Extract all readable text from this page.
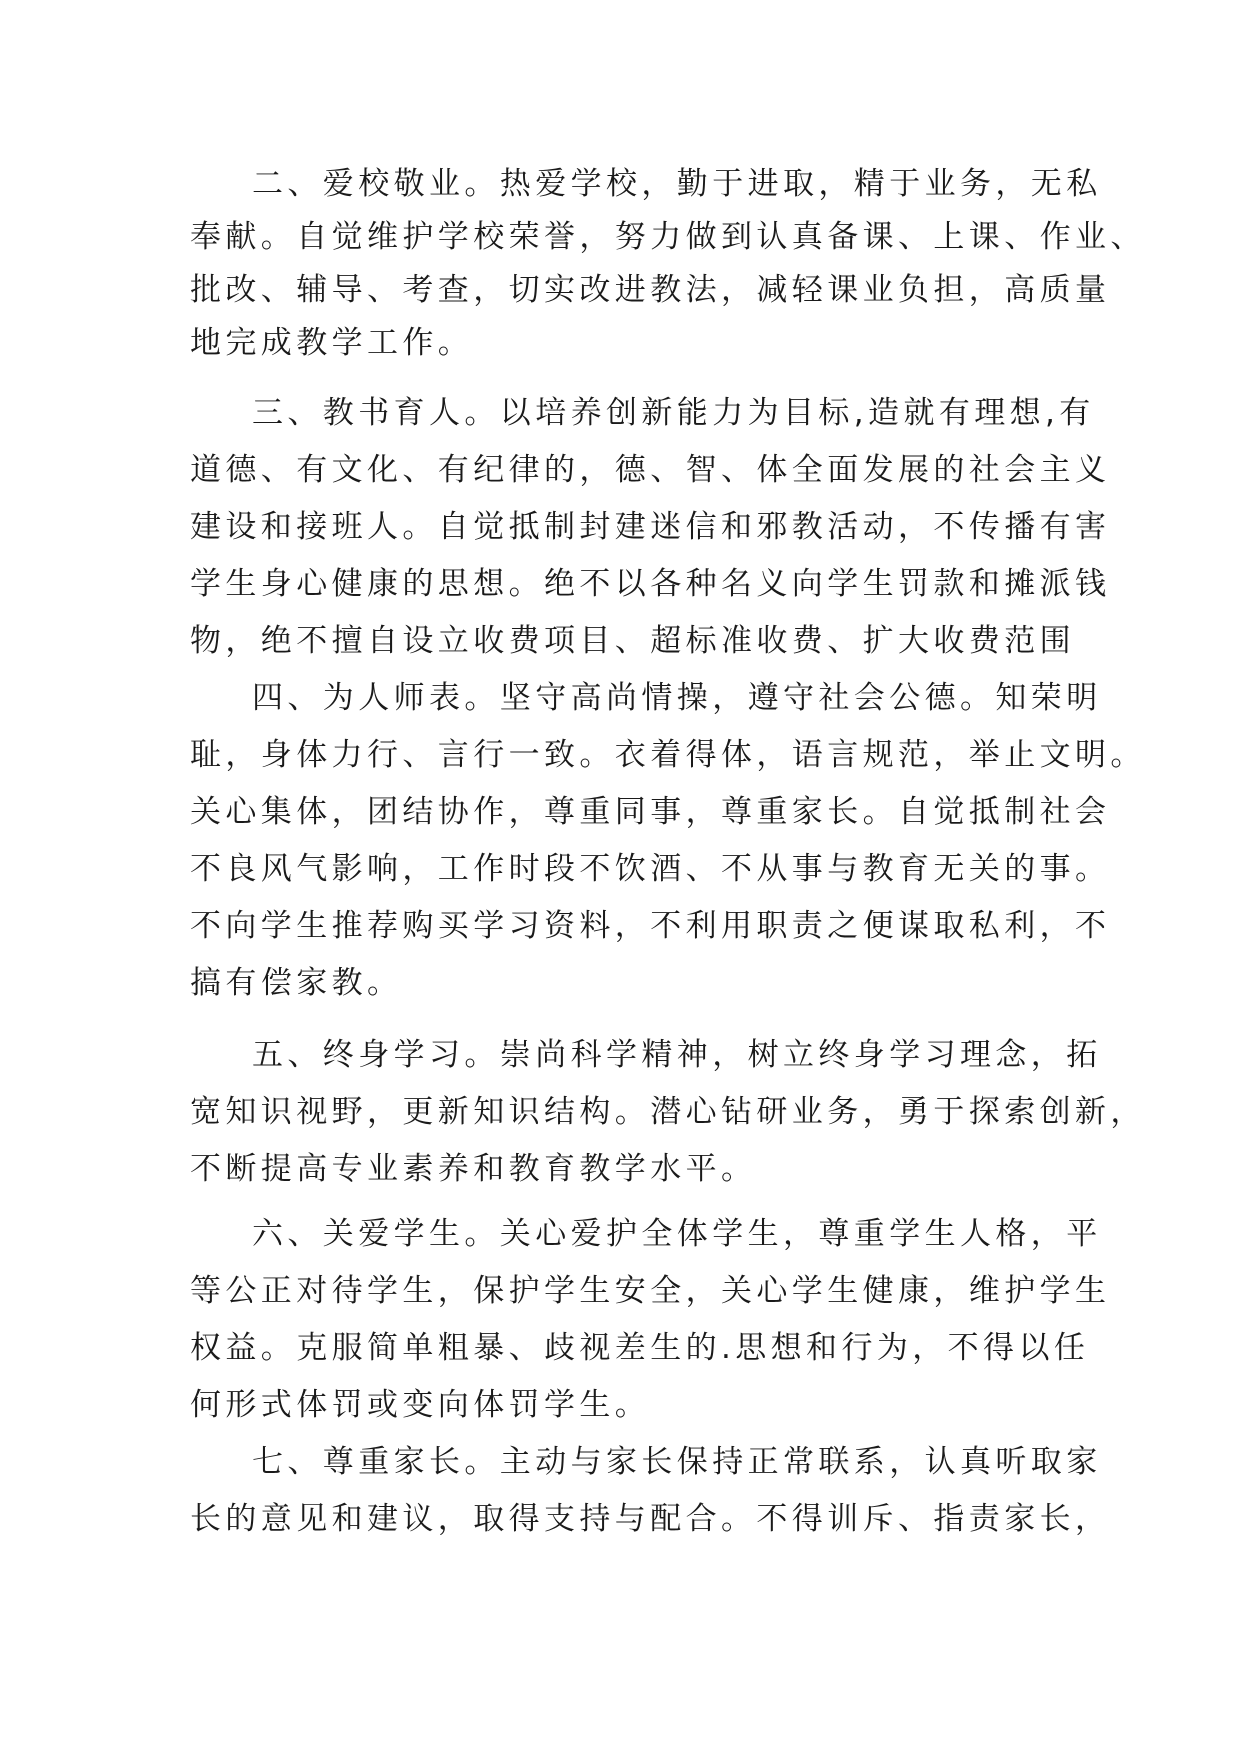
二、爱校敬业。热爱学校，勤于进取，精于业务，无私
奉献。自觉维护学校荣誉，努力做到认真备课、上课、作业、
批改、辅导、考查，切实改进教法，减轻课业负担，高质量
地完成教学工作。
三、教书育人。以培养创新能力为目标,造就有理想,有
道德、有文化、有纪律的，德、智、体全面发展的社会主义
建设和接班人。自觉抵制封建迷信和邪教活动，不传播有害
学生身心健康的思想。绝不以各种名义向学生罚款和摊派钱
物，绝不擅自设立收费项目、超标准收费、扩大收费范围
四、为人师表。坚守高尚情操，遵守社会公德。知荣明
耻，身体力行、言行一致。衣着得体，语言规范，举止文明。
关心集体，团结协作，尊重同事，尊重家长。自觉抵制社会
不良风气影响，工作时段不饮酒、不从事与教育无关的事。
不向学生推荐购买学习资料，不利用职责之便谋取私利，不
搞有偿家教。
五、终身学习。崇尚科学精神，树立终身学习理念，拓
宽知识视野，更新知识结构。潜心钻研业务，勇于探索创新，
不断提高专业素养和教育教学水平。
六、关爱学生。关心爱护全体学生，尊重学生人格，平
等公正对待学生，保护学生安全，关心学生健康，维护学生
权益。克服简单粗暴、歧视差生的.思想和行为，不得以任
何形式体罚或变向体罚学生。
七、尊重家长。主动与家长保持正常联系，认真听取家
长的意见和建议，取得支持与配合。不得训斥、指责家长，
